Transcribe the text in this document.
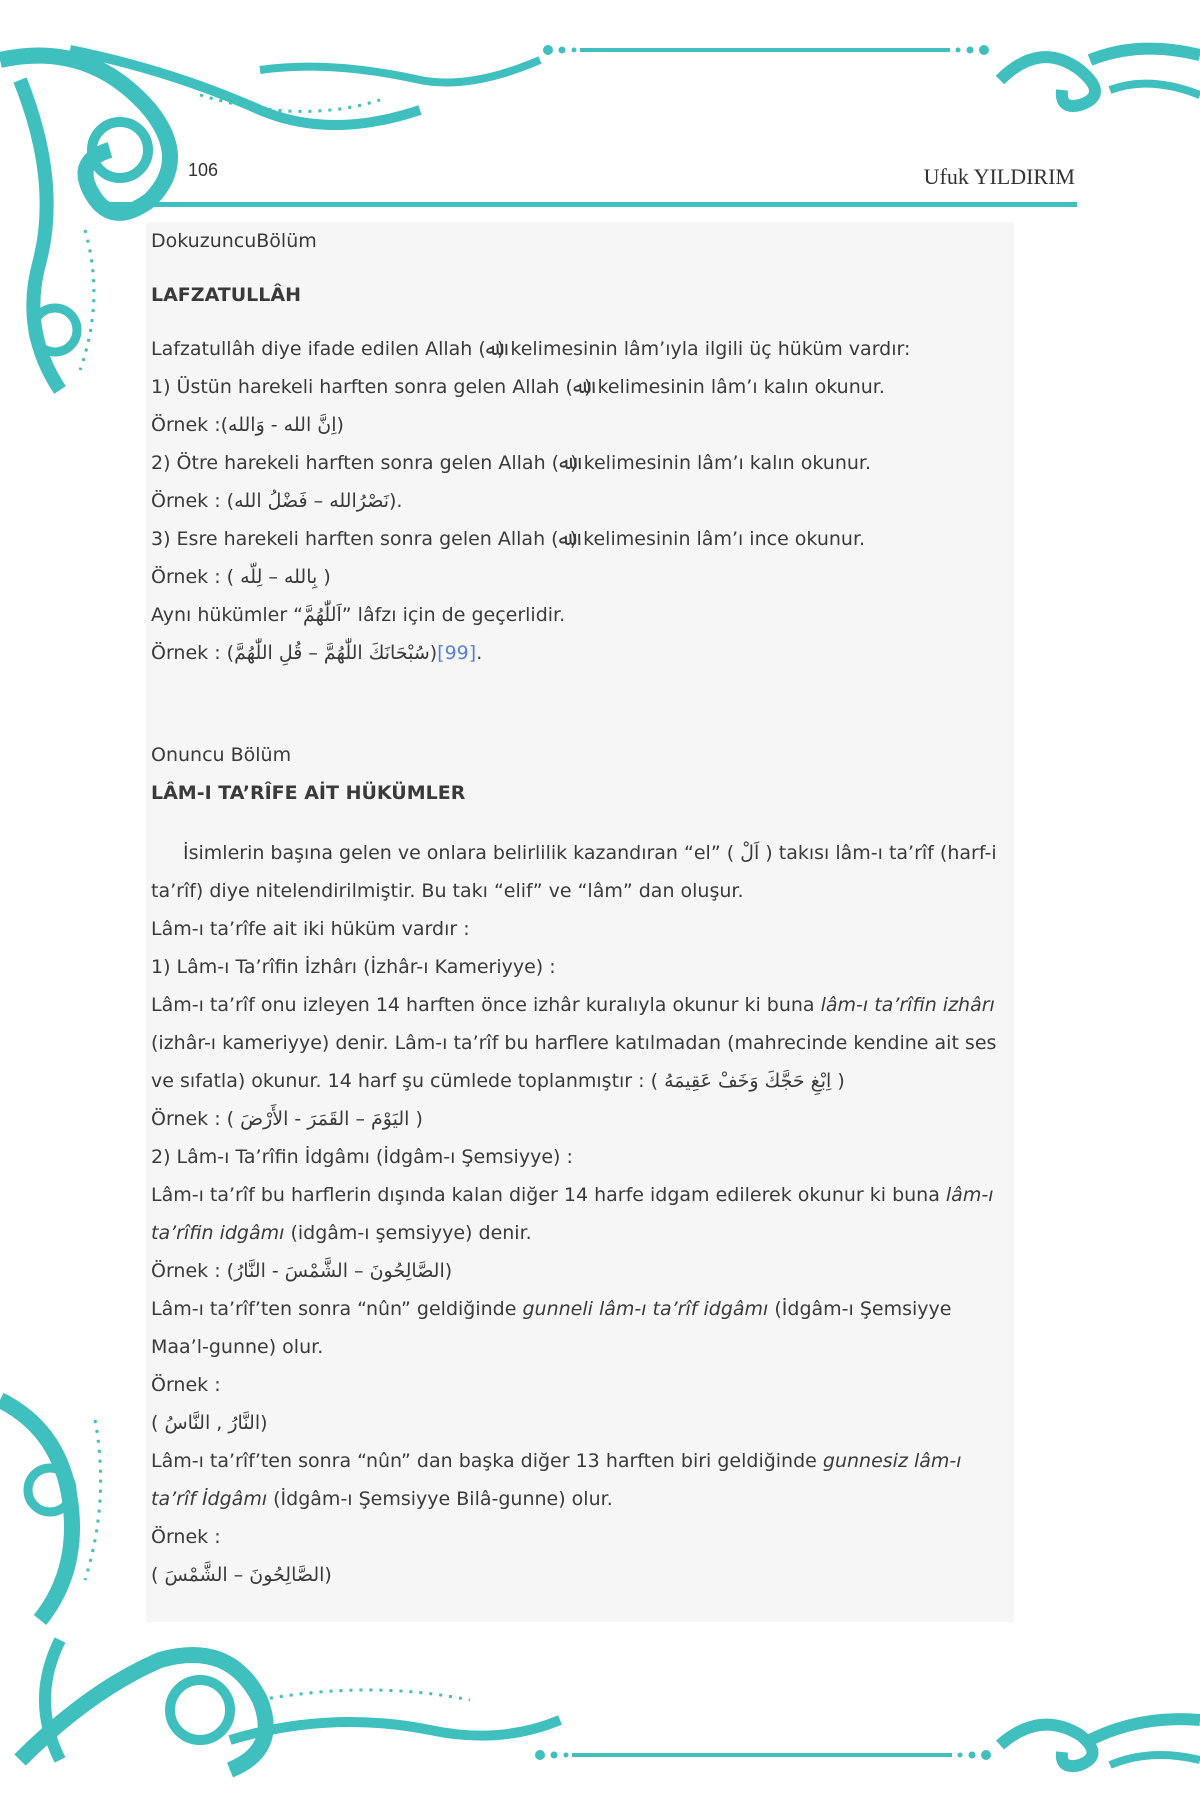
106	Ufuk YILDIRIM

DokuzuncuBölüm

LAFZATULLÂH

Lafzatullâh diye ifade edilen Allah (ﷲ) kelimesinin lâm’ıyla ilgili üç hüküm vardır:

1) Üstün harekeli harften sonra gelen Allah (ﷲ) kelimesinin lâm’ı kalın okunur.

Örnek :(اِنَّ الله - وَالله)

2) Ötre harekeli harften sonra gelen Allah (ﷲ) kelimesinin lâm’ı kalın okunur.

Örnek : (نَصْرُالله – فَضْلُ الله).

3) Esre harekeli harften sonra gelen Allah (ﷲ) kelimesinin lâm’ı ince okunur.

Örnek : ( بِالله – لِلّه )

Aynı hükümler “اَللّٰهُمَّ” lâfzı için de geçerlidir.

Örnek : (سُبْحَانَكَ اللّٰهُمَّ – قُلِ اللّٰهُمَّ)[99].

Onuncu Bölüm

LÂM-I TA’RÎFE AİT HÜKÜMLER

İsimlerin başına gelen ve onlara belirlilik kazandıran “el” ( اَلْ ) takısı lâm-ı ta’rîf (harf-i ta’rîf) diye nitelendirilmiştir. Bu takı “elif” ve “lâm” dan oluşur.

Lâm-ı ta’rîfe ait iki hüküm vardır :

1) Lâm-ı Ta’rîfin İzhârı (İzhâr-ı Kameriyye) :

Lâm-ı ta’rîf onu izleyen 14 harften önce izhâr kuralıyla okunur ki buna lâm-ı ta’rîfin izhârı (izhâr-ı kameriyye) denir. Lâm-ı ta’rîf bu harflere katılmadan (mahrecinde kendine ait ses ve sıfatla) okunur. 14 harf şu cümlede toplanmıştır : ( اِبْغِ حَجَّكَ وَخَفْ عَقِيمَهُ )

Örnek : ( اليَوْمَ – القَمَرَ - الأَرْضَ )

2) Lâm-ı Ta’rîfin İdgâmı (İdgâm-ı Şemsiyye) :

Lâm-ı ta’rîf bu harflerin dışında kalan diğer 14 harfe idgam edilerek okunur ki buna lâm-ı ta’rîfin idgâmı (idgâm-ı şemsiyye) denir.

Örnek : (الصَّالِحُونَ – الشَّمْسَ - النَّارُ)

Lâm-ı ta’rîf’ten sonra “nûn” geldiğinde gunneli lâm-ı ta’rîf idgâmı (İdgâm-ı Şemsiyye Maa’l-gunne) olur.

Örnek :

( النَّارُ , النَّاسُ)

Lâm-ı ta’rîf’ten sonra “nûn” dan başka diğer 13 harften biri geldiğinde gunnesiz lâm-ı ta’rîf İdgâmı (İdgâm-ı Şemsiyye Bilâ-gunne) olur.

Örnek :

( الصَّالِحُونَ – الشَّمْسَ)
